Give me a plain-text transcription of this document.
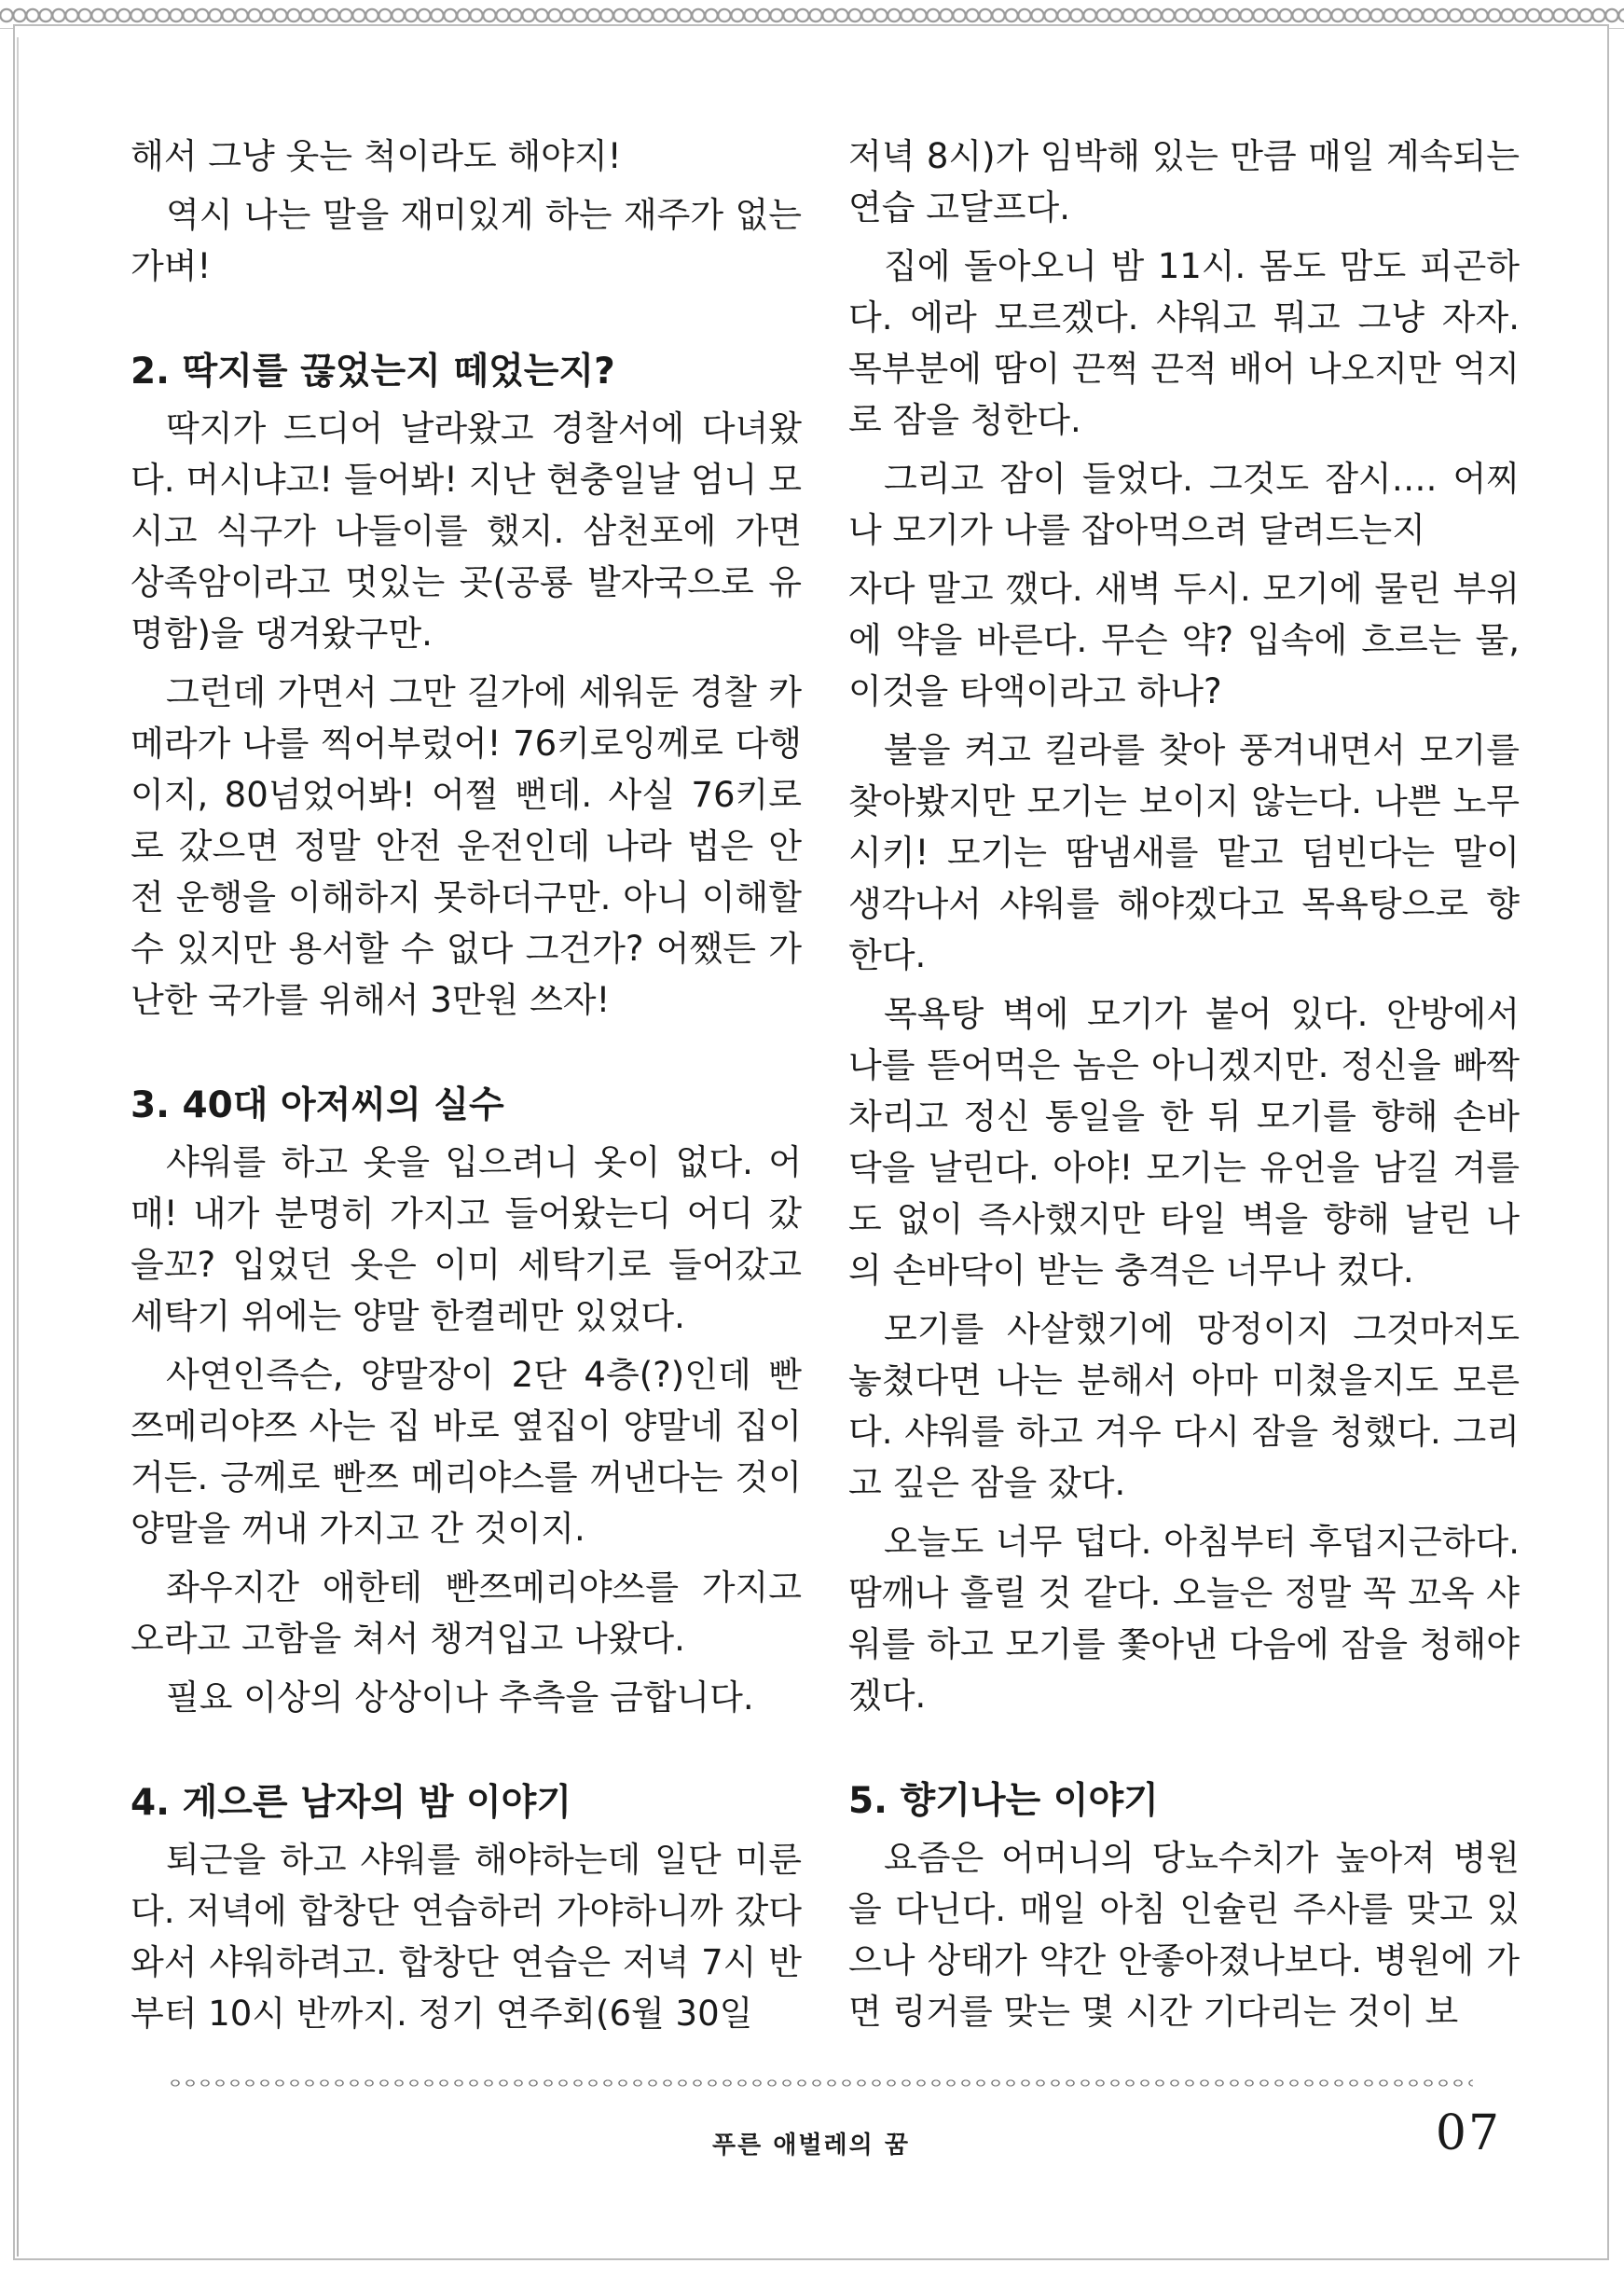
해서 그냥 웃는 척이라도 해야지!

역시 나는 말을 재미있게 하는 재주가 없는가벼!

2. 딱지를 끊었는지 떼었는지?

딱지가 드디어 날라왔고 경찰서에 다녀왔다. 머시냐고! 들어봐! 지난 현충일날 엄니 모시고 식구가 나들이를 했지. 삼천포에 가면 상족암이라고 멋있는 곳(공룡 발자국으로 유명함)을 댕겨왔구만.

그런데 가면서 그만 길가에 세워둔 경찰 카메라가 나를 찍어부렀어! 76키로잉께로 다행이지, 80넘었어봐! 어쩔 뻔데. 사실 76키로로 갔으면 정말 안전 운전인데 나라 법은 안전 운행을 이해하지 못하더구만. 아니 이해할 수 있지만 용서할 수 없다 그건가? 어쨌든 가난한 국가를 위해서 3만원 쓰자!

3. 40대 아저씨의 실수

샤워를 하고 옷을 입으려니 옷이 없다. 어매! 내가 분명히 가지고 들어왔는디 어디 갔을꼬? 입었던 옷은 이미 세탁기로 들어갔고 세탁기 위에는 양말 한켤레만 있었다.

사연인즉슨, 양말장이 2단 4층(?)인데 빤쯔메리야쯔 사는 집 바로 옆집이 양말네 집이거든. 긍께로 빤쯔 메리야스를 꺼낸다는 것이 양말을 꺼내 가지고 간 것이지.

좌우지간 애한테 빤쯔메리야쓰를 가지고 오라고 고함을 쳐서 챙겨입고 나왔다.

필요 이상의 상상이나 추측을 금합니다.

4. 게으른 남자의 밤 이야기

퇴근을 하고 샤워를 해야하는데 일단 미룬다. 저녁에 합창단 연습하러 가야하니까 갔다와서 샤워하려고. 합창단 연습은 저녁 7시 반부터 10시 반까지. 정기 연주회(6월 30일

저녁 8시)가 임박해 있는 만큼 매일 계속되는 연습 고달프다.

집에 돌아오니 밤 11시. 몸도 맘도 피곤하다. 에라 모르겠다. 샤워고 뭐고 그냥 자자. 목부분에 땀이 끈쩍 끈적 배어 나오지만 억지로 잠을 청한다.

그리고 잠이 들었다. 그것도 잠시…. 어찌나 모기가 나를 잡아먹으려 달려드는지

자다 말고 깼다. 새벽 두시. 모기에 물린 부위에 약을 바른다. 무슨 약? 입속에 흐르는 물, 이것을 타액이라고 하나?

불을 켜고 킬라를 찾아 풍겨내면서 모기를 찾아봤지만 모기는 보이지 않는다. 나쁜 노무시키! 모기는 땀냄새를 맡고 덤빈다는 말이 생각나서 샤워를 해야겠다고 목욕탕으로 향한다.

목욕탕 벽에 모기가 붙어 있다. 안방에서 나를 뜯어먹은 놈은 아니겠지만. 정신을 빠짝 차리고 정신 통일을 한 뒤 모기를 향해 손바닥을 날린다. 아야! 모기는 유언을 남길 겨를도 없이 즉사했지만 타일 벽을 향해 날린 나의 손바닥이 받는 충격은 너무나 컸다.

모기를 사살했기에 망정이지 그것마저도 놓쳤다면 나는 분해서 아마 미쳤을지도 모른다. 샤워를 하고 겨우 다시 잠을 청했다. 그리고 깊은 잠을 잤다.

오늘도 너무 덥다. 아침부터 후덥지근하다. 땀깨나 흘릴 것 같다. 오늘은 정말 꼭 꼬옥 샤워를 하고 모기를 쫓아낸 다음에 잠을 청해야겠다.

5. 향기나는 이야기

요즘은 어머니의 당뇨수치가 높아져 병원을 다닌다. 매일 아침 인슐린 주사를 맞고 있으나 상태가 약간 안좋아졌나보다. 병원에 가면 링거를 맞는 몇 시간 기다리는 것이 보

푸른 애벌레의 꿈	07
